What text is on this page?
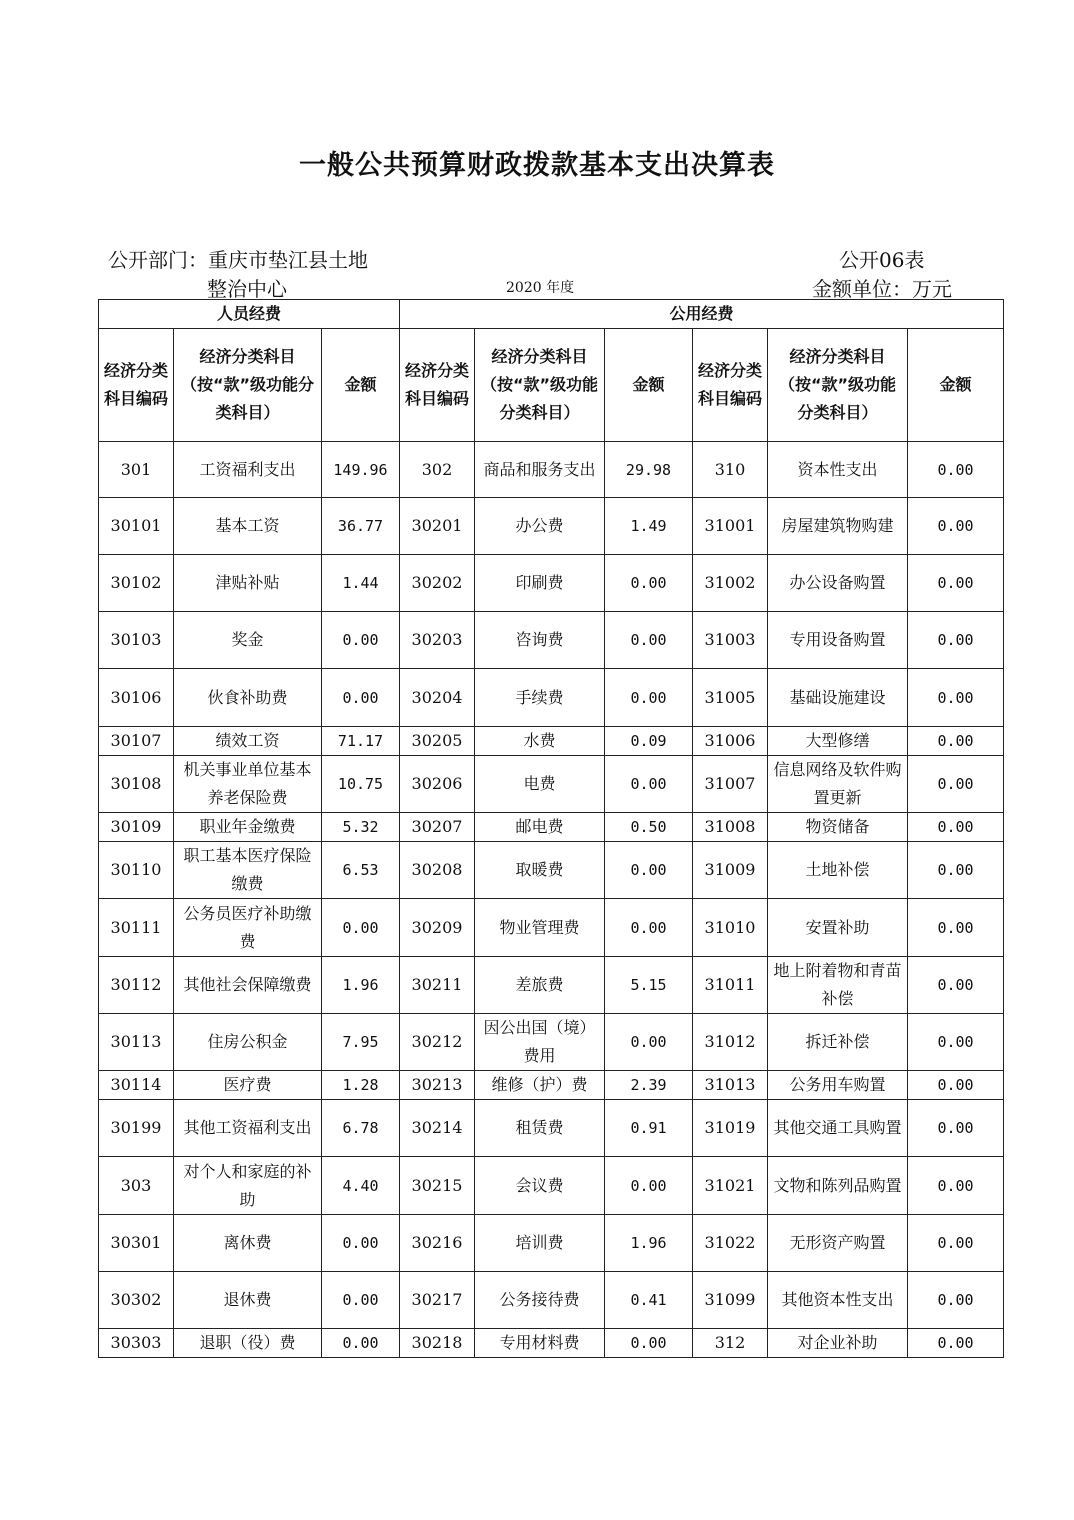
一般公共预算财政拨款基本支出决算表
公开部门：重庆市垫江县土地
整治中心	2020 年度
公开06表
金额单位：万元
人员经费			公用经费					
经济分类科目编码	经济分类科目（按“款”级功能分类科目）	金额	经济分类科目编码	经济分类科目（按“款”级功能分类科目）	金额	经济分类科目编码	经济分类科目（按“款”级功能分类科目）	金额
301	工资福利支出	149.96	302	商品和服务支出	29.98	310	资本性支出	0.00
30101	基本工资	36.77	30201	办公费	1.49	31001	房屋建筑物购建	0.00
30102	津贴补贴	1.44	30202	印刷费	0.00	31002	办公设备购置	0.00
30103	奖金	0.00	30203	咨询费	0.00	31003	专用设备购置	0.00
30106	伙食补助费	0.00	30204	手续费	0.00	31005	基础设施建设	0.00
30107	绩效工资	71.17	30205	水费	0.09	31006	大型修缮	0.00
30108	机关事业单位基本养老保险费	10.75	30206	电费	0.00	31007	信息网络及软件购置更新	0.00
30109	职业年金缴费	5.32	30207	邮电费	0.50	31008	物资储备	0.00
30110	职工基本医疗保险缴费	6.53	30208	取暖费	0.00	31009	土地补偿	0.00
30111	公务员医疗补助缴费	0.00	30209	物业管理费	0.00	31010	安置补助	0.00
30112	其他社会保障缴费	1.96	30211	差旅费	5.15	31011	地上附着物和青苗补偿	0.00
30113	住房公积金	7.95	30212	因公出国（境）费用	0.00	31012	拆迁补偿	0.00
30114	医疗费	1.28	30213	维修（护）费	2.39	31013	公务用车购置	0.00
30199	其他工资福利支出	6.78	30214	租赁费	0.91	31019	其他交通工具购置	0.00
303	对个人和家庭的补助	4.40	30215	会议费	0.00	31021	文物和陈列品购置	0.00
30301	离休费	0.00	30216	培训费	1.96	31022	无形资产购置	0.00
30302	退休费	0.00	30217	公务接待费	0.41	31099	其他资本性支出	0.00
30303	退职（役）费	0.00	30218	专用材料费	0.00	312	对企业补助	0.00
